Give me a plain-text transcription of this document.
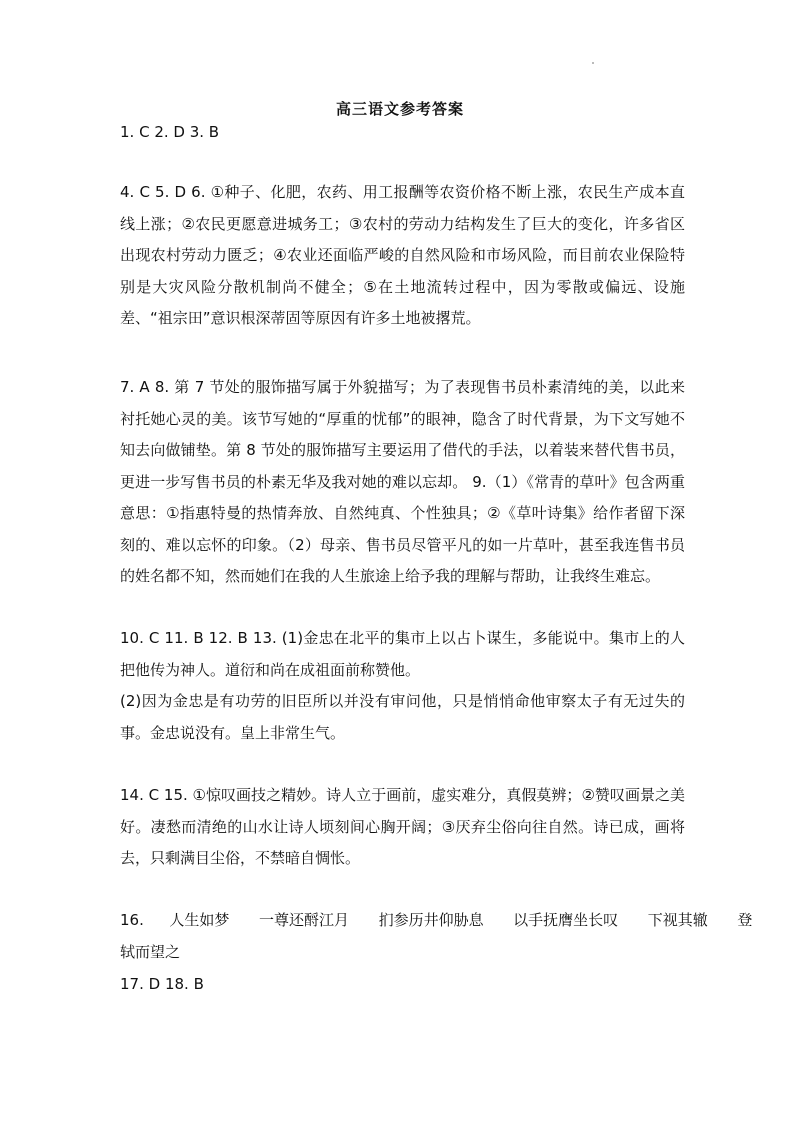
高三语文参考答案
1. C 2. D 3. B

4. C 5. D 6. ①种子、化肥，农药、用工报酬等农资价格不断上涨，农民生产成本直线上涨；②农民更愿意进城务工；③农村的劳动力结构发生了巨大的变化，许多省区出现农村劳动力匮乏；④农业还面临严峻的自然风险和市场风险，而目前农业保险特别是大灾风险分散机制尚不健全；⑤在土地流转过程中，因为零散或偏远、设施差、“祖宗田”意识根深蒂固等原因有许多土地被撂荒。

7. A 8. 第 7 节处的服饰描写属于外貌描写；为了表现售书员朴素清纯的美，以此来衬托她心灵的美。该节写她的“厚重的忧郁”的眼神，隐含了时代背景，为下文写她不知去向做铺垫。第 8 节处的服饰描写主要运用了借代的手法，以着装来替代售书员，更进一步写售书员的朴素无华及我对她的难以忘却。 9.（1）《常青的草叶》包含两重意思：①指惠特曼的热情奔放、自然纯真、个性独具；②《草叶诗集》给作者留下深刻的、难以忘怀的印象。（2）母亲、售书员尽管平凡的如一片草叶，甚至我连售书员的姓名都不知，然而她们在我的人生旅途上给予我的理解与帮助，让我终生难忘。

10. C 11. B 12. B 13. (1)金忠在北平的集市上以占卜谋生，多能说中。集市上的人把他传为神人。道衍和尚在成祖面前称赞他。

(2)因为金忠是有功劳的旧臣所以并没有审问他，只是悄悄命他审察太子有无过失的事。金忠说没有。皇上非常生气。

14. C 15. ①惊叹画技之精妙。诗人立于画前，虚实难分，真假莫辨；②赞叹画景之美好。凄愁而清绝的山水让诗人顷刻间心胸开阔；③厌弃尘俗向往自然。诗已成，画将去，只剩满目尘俗，不禁暗自惆怅。

16. 人生如梦 一尊还酹江月 扪参历井仰胁息 以手抚膺坐长叹 下视其辙 登
轼而望之
17. D 18. B
